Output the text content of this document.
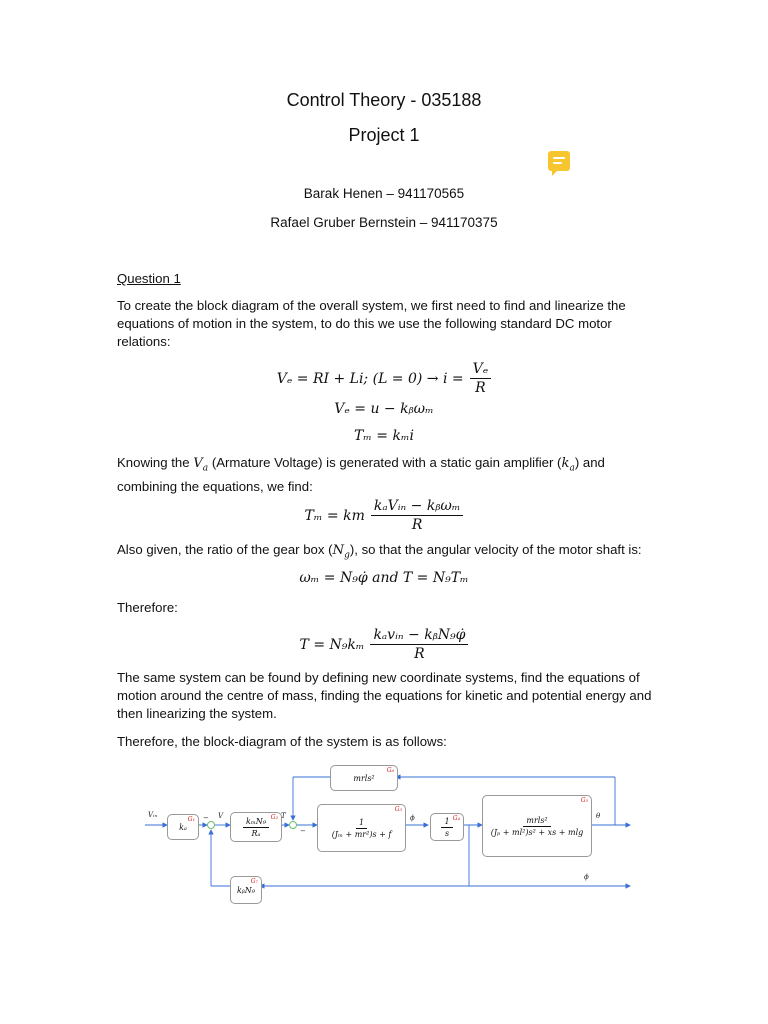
Control Theory - 035188
Project 1
Barak Henen – 941170565
Rafael Gruber Bernstein – 941170375
Question 1
To create the block diagram of the overall system, we first need to find and linearize the equations of motion in the system, to do this we use the following standard DC motor relations:
Vₑ = RI + Li; $(L = 0) \to i = \frac{\text{Vₑ}}{R}$
Vₑ = u − kᵦωₘ
Tₘ = kₘi
Knowing the $V_a$ (Armature Voltage) is generated with a static gain amplifier $(k_a)$ and combining the equations, we find:
Tₘ = km $\frac{\text{kₐVᵢₙ − kᵦωₘ}}{R}$
Also given, the ratio of the gear box $(N_g)$, so that the angular velocity of the motor shaft is:
ωₘ = N₉φ̇ and T = N₉Tₘ
Therefore:
$T = N_9k_m \frac{\text{kₐvᵢₙ − kᵦN₉φ̇}}{R}$
The same system can be found by defining new coordinate systems, find the equations of motion around the centre of mass, finding the equations for kinetic and potential energy and then linearizing the system.
Therefore, the block-diagram of the system is as follows:
G₆
mrls²
G₁
kₐ
G₂
$\frac{\text{kₘN₉}}{\text{Rₐ}}$
G₃
$\frac{1}{\text{(Jₘ + mr²)s + f}}$	G₄
$\frac{1}{s}$
G₅
$\frac{\text{mrls²}}{\text{(Jₚ + ml²)s² + xs + mlg}}$
G₇
kᵦN₉
Vᵢₙ	− V	T
−
ϕ	θ
ϕ
